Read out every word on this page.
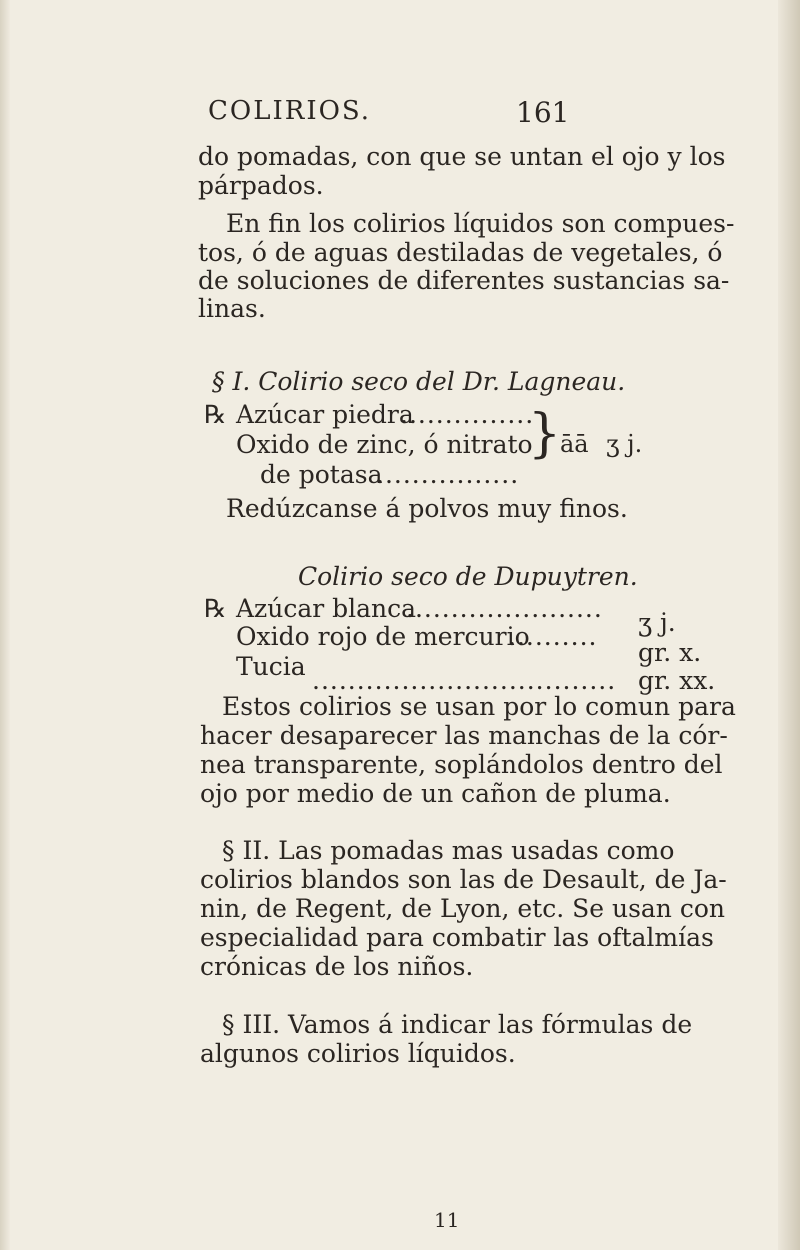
COLIRIOS.	161
do pomadas, con que se untan el ojo y los
párpados.
En fin los colirios líquidos son compues-
tos, ó de aguas destiladas de vegetales, ó
de soluciones de diferentes sustancias sa-
linas.
§ I. Colirio seco del Dr. Lagneau.
℞ Azúcar piedra
...............
Oxido de zinc, ó nitrato
de potasa
................
}
āā ʒ j.
Redúzcanse á polvos muy finos.
Colirio seco de Dupuytren.
℞ Azúcar blanca
......................
Oxido rojo de mercurio
.......... ʒ j.
gr. x.
Tucia .................................. gr. xx.
Estos colirios se usan por lo comun para
hacer desaparecer las manchas de la cór-
nea transparente, soplándolos dentro del
ojo por medio de un cañon de pluma.
§ II. Las pomadas mas usadas como
colirios blandos son las de Desault, de Ja-
nin, de Regent, de Lyon, etc. Se usan con
especialidad para combatir las oftalmías
crónicas de los niños.
§ III. Vamos á indicar las fórmulas de
algunos colirios líquidos.
11
